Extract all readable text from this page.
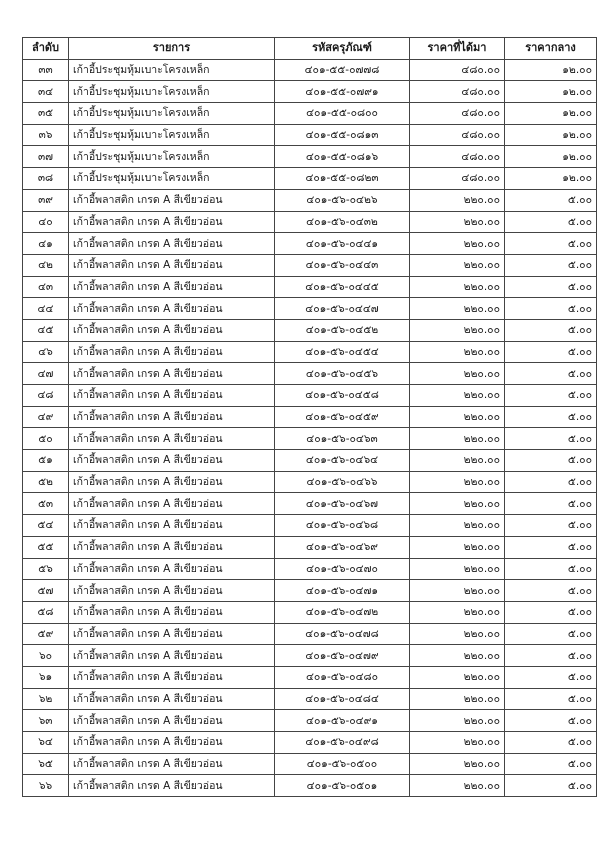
ลำดับ	รายการ	รหัสครุภัณฑ์	ราคาที่ได้มา	ราคากลาง
๓๓	เก้าอี้ประชุมหุ้มเบาะโครงเหล็ก	๔๐๑-๕๕-๐๗๗๘	๔๘๐.๐๐	๑๒.๐๐
๓๔	เก้าอี้ประชุมหุ้มเบาะโครงเหล็ก	๔๐๑-๕๕-๐๗๙๑	๔๘๐.๐๐	๑๒.๐๐
๓๕	เก้าอี้ประชุมหุ้มเบาะโครงเหล็ก	๔๐๑-๕๕-๐๘๐๐	๔๘๐.๐๐	๑๒.๐๐
๓๖	เก้าอี้ประชุมหุ้มเบาะโครงเหล็ก	๔๐๑-๕๕-๐๘๑๓	๔๘๐.๐๐	๑๒.๐๐
๓๗	เก้าอี้ประชุมหุ้มเบาะโครงเหล็ก	๔๐๑-๕๕-๐๘๑๖	๔๘๐.๐๐	๑๒.๐๐
๓๘	เก้าอี้ประชุมหุ้มเบาะโครงเหล็ก	๔๐๑-๕๕-๐๘๒๓	๔๘๐.๐๐	๑๒.๐๐
๓๙	เก้าอี้พลาสติก เกรด A สีเขียวอ่อน	๔๐๑-๕๖-๐๔๒๖	๒๒๐.๐๐	๕.๐๐
๔๐	เก้าอี้พลาสติก เกรด A สีเขียวอ่อน	๔๐๑-๕๖-๐๔๓๒	๒๒๐.๐๐	๕.๐๐
๔๑	เก้าอี้พลาสติก เกรด A สีเขียวอ่อน	๔๐๑-๕๖-๐๔๔๑	๒๒๐.๐๐	๕.๐๐
๔๒	เก้าอี้พลาสติก เกรด A สีเขียวอ่อน	๔๐๑-๕๖-๐๔๔๓	๒๒๐.๐๐	๕.๐๐
๔๓	เก้าอี้พลาสติก เกรด A สีเขียวอ่อน	๔๐๑-๕๖-๐๔๔๕	๒๒๐.๐๐	๕.๐๐
๔๔	เก้าอี้พลาสติก เกรด A สีเขียวอ่อน	๔๐๑-๕๖-๐๔๔๗	๒๒๐.๐๐	๕.๐๐
๔๕	เก้าอี้พลาสติก เกรด A สีเขียวอ่อน	๔๐๑-๕๖-๐๔๕๒	๒๒๐.๐๐	๕.๐๐
๔๖	เก้าอี้พลาสติก เกรด A สีเขียวอ่อน	๔๐๑-๕๖-๐๔๕๔	๒๒๐.๐๐	๕.๐๐
๔๗	เก้าอี้พลาสติก เกรด A สีเขียวอ่อน	๔๐๑-๕๖-๐๔๕๖	๒๒๐.๐๐	๕.๐๐
๔๘	เก้าอี้พลาสติก เกรด A สีเขียวอ่อน	๔๐๑-๕๖-๐๔๕๘	๒๒๐.๐๐	๕.๐๐
๔๙	เก้าอี้พลาสติก เกรด A สีเขียวอ่อน	๔๐๑-๕๖-๐๔๕๙	๒๒๐.๐๐	๕.๐๐
๕๐	เก้าอี้พลาสติก เกรด A สีเขียวอ่อน	๔๐๑-๕๖-๐๔๖๓	๒๒๐.๐๐	๕.๐๐
๕๑	เก้าอี้พลาสติก เกรด A สีเขียวอ่อน	๔๐๑-๕๖-๐๔๖๔	๒๒๐.๐๐	๕.๐๐
๕๒	เก้าอี้พลาสติก เกรด A สีเขียวอ่อน	๔๐๑-๕๖-๐๔๖๖	๒๒๐.๐๐	๕.๐๐
๕๓	เก้าอี้พลาสติก เกรด A สีเขียวอ่อน	๔๐๑-๕๖-๐๔๖๗	๒๒๐.๐๐	๕.๐๐
๕๔	เก้าอี้พลาสติก เกรด A สีเขียวอ่อน	๔๐๑-๕๖-๐๔๖๘	๒๒๐.๐๐	๕.๐๐
๕๕	เก้าอี้พลาสติก เกรด A สีเขียวอ่อน	๔๐๑-๕๖-๐๔๖๙	๒๒๐.๐๐	๕.๐๐
๕๖	เก้าอี้พลาสติก เกรด A สีเขียวอ่อน	๔๐๑-๕๖-๐๔๗๐	๒๒๐.๐๐	๕.๐๐
๕๗	เก้าอี้พลาสติก เกรด A สีเขียวอ่อน	๔๐๑-๕๖-๐๔๗๑	๒๒๐.๐๐	๕.๐๐
๕๘	เก้าอี้พลาสติก เกรด A สีเขียวอ่อน	๔๐๑-๕๖-๐๔๗๒	๒๒๐.๐๐	๕.๐๐
๕๙	เก้าอี้พลาสติก เกรด A สีเขียวอ่อน	๔๐๑-๕๖-๐๔๗๘	๒๒๐.๐๐	๕.๐๐
๖๐	เก้าอี้พลาสติก เกรด A สีเขียวอ่อน	๔๐๑-๕๖-๐๔๗๙	๒๒๐.๐๐	๕.๐๐
๖๑	เก้าอี้พลาสติก เกรด A สีเขียวอ่อน	๔๐๑-๕๖-๐๔๘๐	๒๒๐.๐๐	๕.๐๐
๖๒	เก้าอี้พลาสติก เกรด A สีเขียวอ่อน	๔๐๑-๕๖-๐๔๘๔	๒๒๐.๐๐	๕.๐๐
๖๓	เก้าอี้พลาสติก เกรด A สีเขียวอ่อน	๔๐๑-๕๖-๐๔๙๑	๒๒๐.๐๐	๕.๐๐
๖๔	เก้าอี้พลาสติก เกรด A สีเขียวอ่อน	๔๐๑-๕๖-๐๔๙๘	๒๒๐.๐๐	๕.๐๐
๖๕	เก้าอี้พลาสติก เกรด A สีเขียวอ่อน	๔๐๑-๕๖-๐๕๐๐	๒๒๐.๐๐	๕.๐๐
๖๖	เก้าอี้พลาสติก เกรด A สีเขียวอ่อน	๔๐๑-๕๖-๐๕๐๑	๒๒๐.๐๐	๕.๐๐
